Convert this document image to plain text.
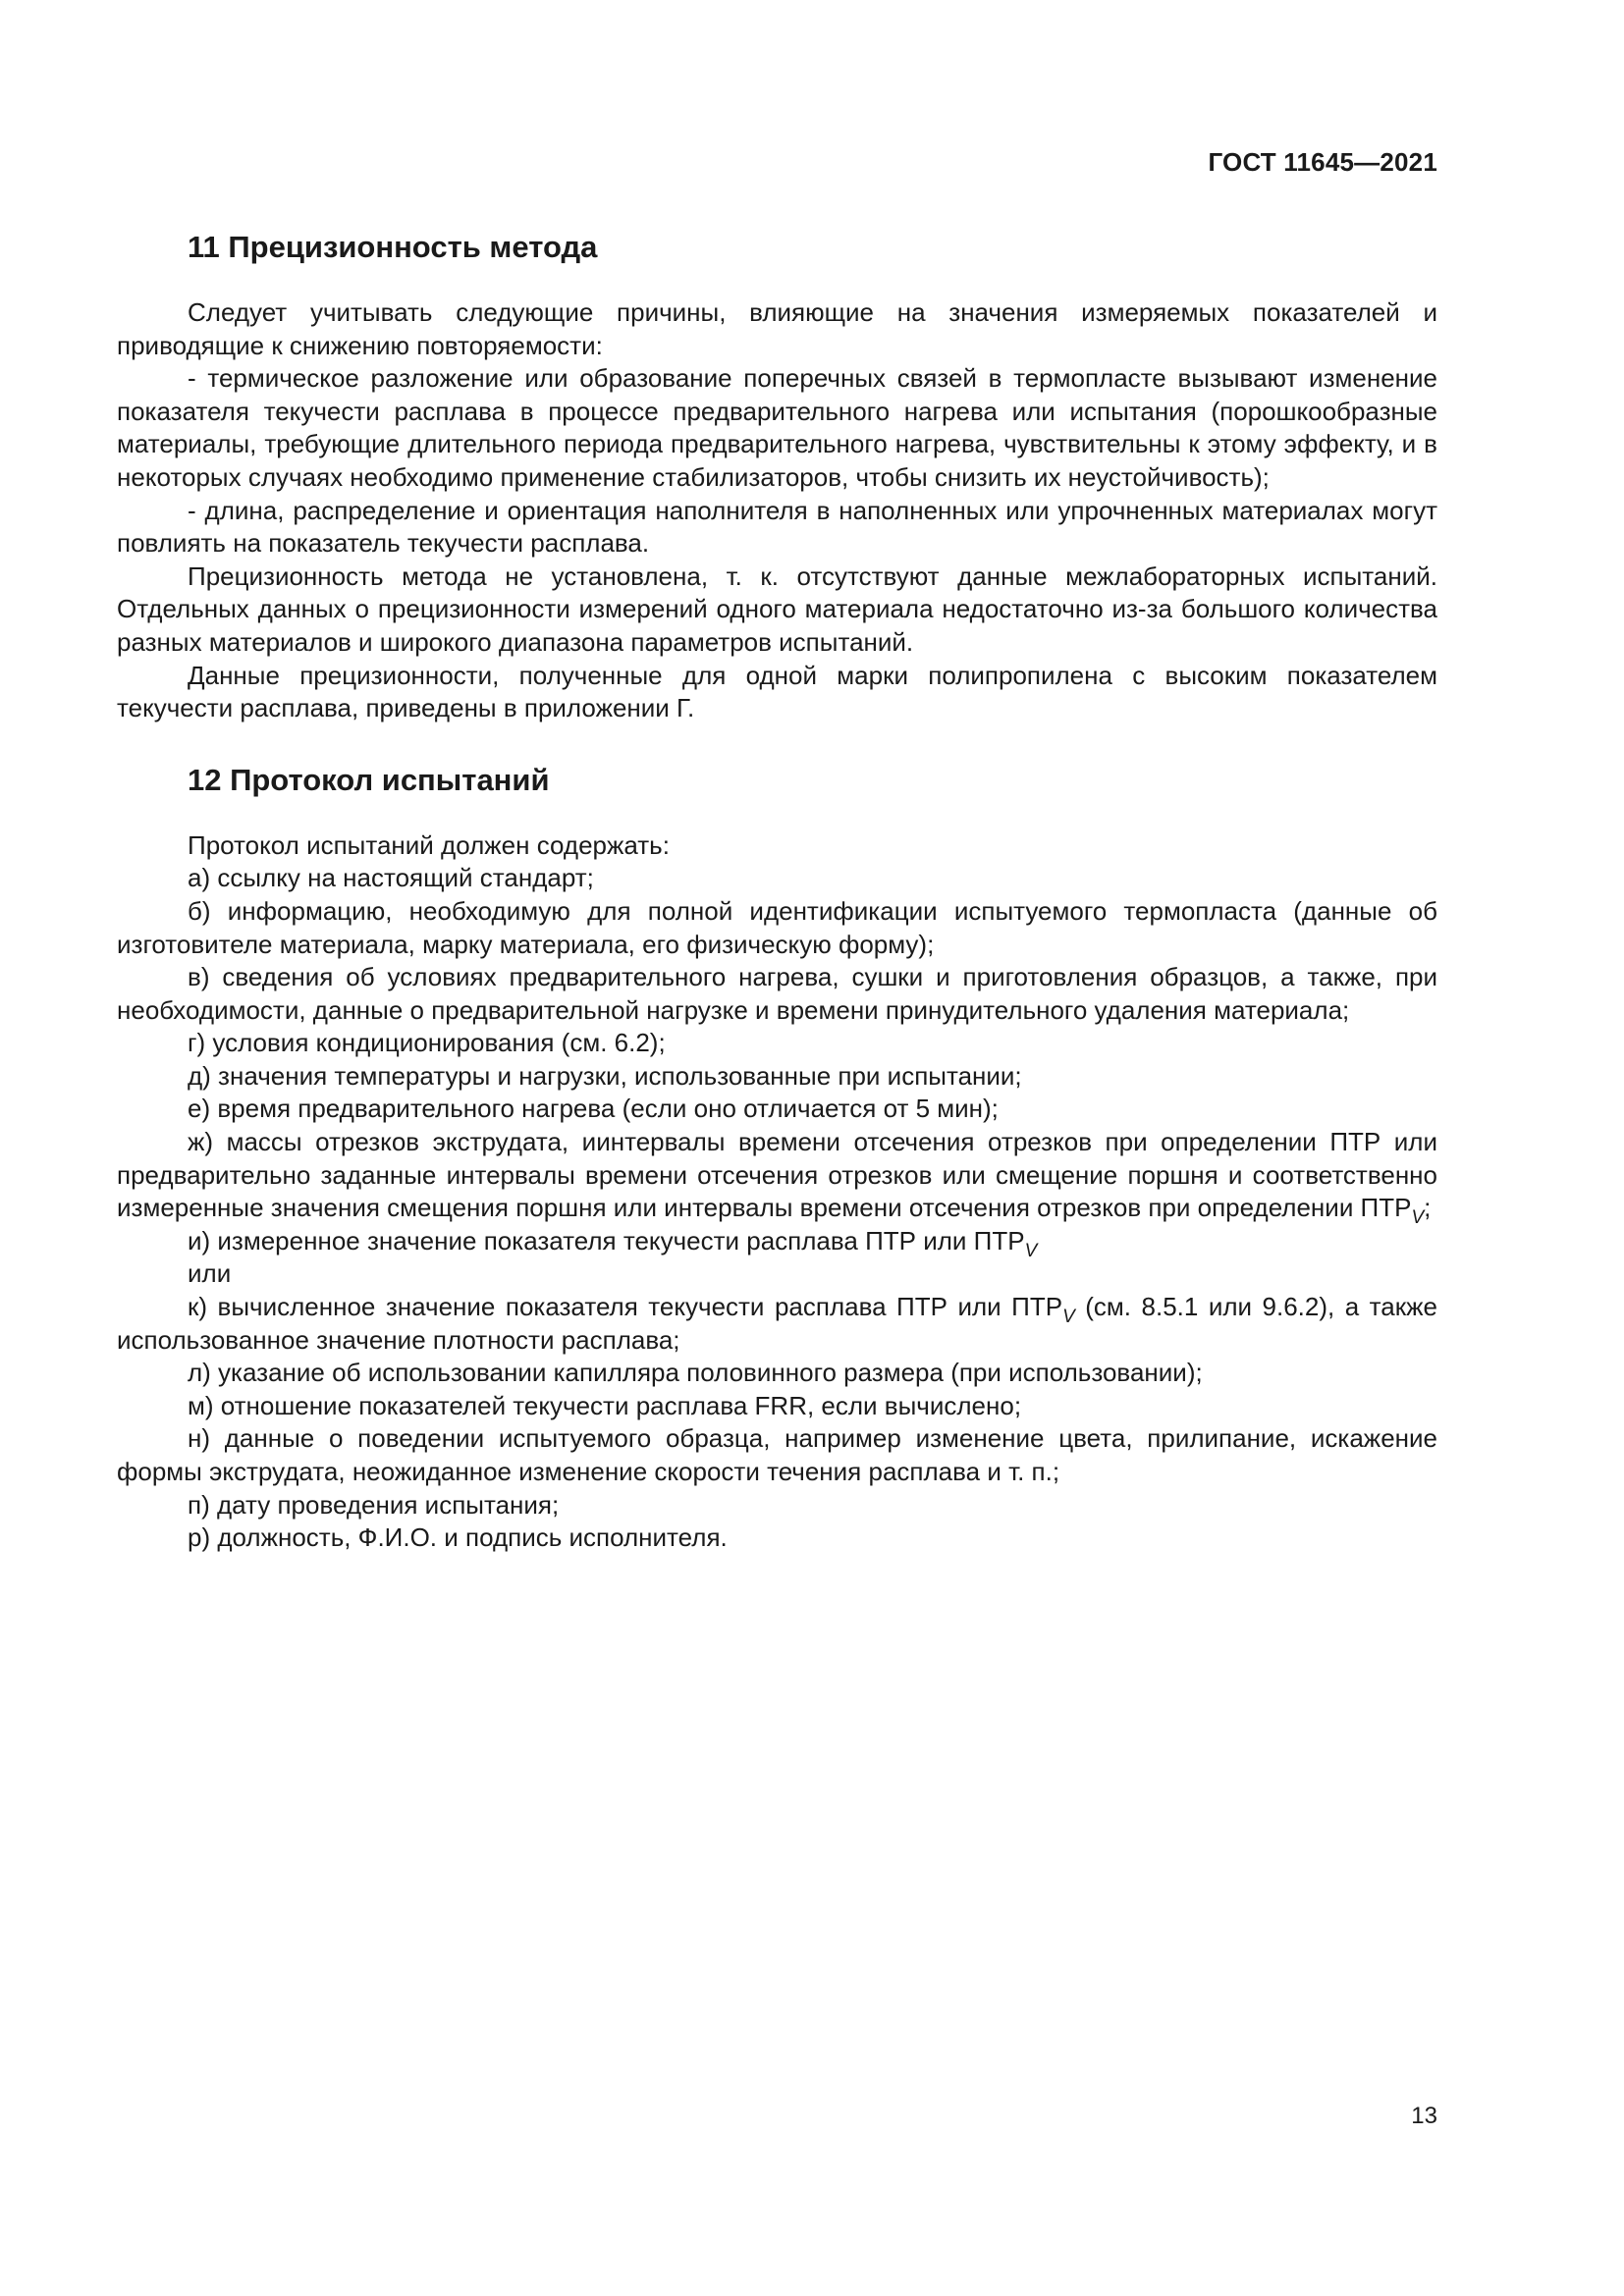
ГОСТ 11645—2021
11 Прецизионность метода

Следует учитывать следующие причины, влияющие на значения измеряемых показателей и приводящие к снижению повторяемости:

- термическое разложение или образование поперечных связей в термопласте вызывают изменение показателя текучести расплава в процессе предварительного нагрева или испытания (порошкообразные материалы, требующие длительного периода предварительного нагрева, чувствительны к этому эффекту, и в некоторых случаях необходимо применение стабилизаторов, чтобы снизить их неустойчивость);

- длина, распределение и ориентация наполнителя в наполненных или упрочненных материалах могут повлиять на показатель текучести расплава.

Прецизионность метода не установлена, т. к. отсутствуют данные межлабораторных испытаний. Отдельных данных о прецизионности измерений одного материала недостаточно из-за большого количества разных материалов и широкого диапазона параметров испытаний.

Данные прецизионности, полученные для одной марки полипропилена с высоким показателем текучести расплава, приведены в приложении Г.

12 Протокол испытаний

Протокол испытаний должен содержать:

а) ссылку на настоящий стандарт;

б) информацию, необходимую для полной идентификации испытуемого термопласта (данные об изготовителе материала, марку материала, его физическую форму);

в) сведения об условиях предварительного нагрева, сушки и приготовления образцов, а также, при необходимости, данные о предварительной нагрузке и времени принудительного удаления материала;

г) условия кондиционирования (см. 6.2);

д) значения температуры и нагрузки, использованные при испытании;

е) время предварительного нагрева (если оно отличается от 5 мин);

ж) массы отрезков экструдата, иинтервалы времени отсечения отрезков при определении ПТР или предварительно заданные интервалы времени отсечения отрезков или смещение поршня и соответственно измеренные значения смещения поршня или интервалы времени отсечения отрезков при определении $ПТР_V$;

и) измеренное значение показателя текучести расплава ПТР или $ПТР_V$

или

к) вычисленное значение показателя текучести расплава ПТР или $ПТР_V$ (см. 8.5.1 или 9.6.2), а также использованное значение плотности расплава;

л) указание об использовании капилляра половинного размера (при использовании);

м) отношение показателей текучести расплава FRR, если вычислено;

н) данные о поведении испытуемого образца, например изменение цвета, прилипание, искажение формы экструдата, неожиданное изменение скорости течения расплава и т. п.;

п) дату проведения испытания;

р) должность, Ф.И.О. и подпись исполнителя.

13
